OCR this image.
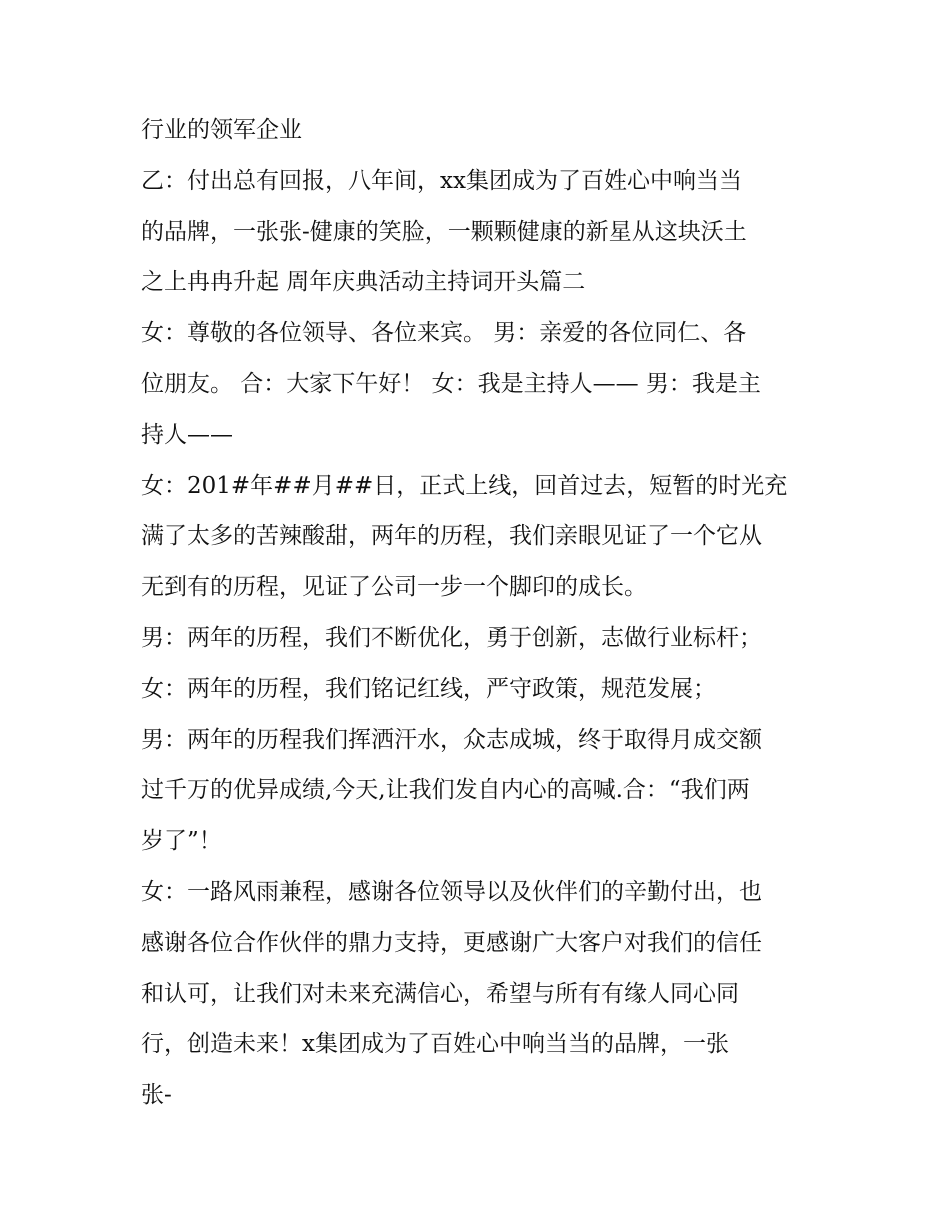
行业的领军企业

乙：付出总有回报，八年间，xx集团成为了百姓心中响当当

的品牌，一张张-健康的笑脸，一颗颗健康的新星从这块沃土

之上冉冉升起 周年庆典活动主持词开头篇二

女：尊敬的各位领导、各位来宾。 男：亲爱的各位同仁、各

位朋友。 合：大家下午好！ 女：我是主持人—— 男：我是主

持人——

女：201#年##月##日，正式上线，回首过去，短暂的时光充

满了太多的苦辣酸甜，两年的历程，我们亲眼见证了一个它从

无到有的历程，见证了公司一步一个脚印的成长。

男：两年的历程，我们不断优化，勇于创新，志做行业标杆；

女：两年的历程，我们铭记红线，严守政策，规范发展；

男：两年的历程我们挥洒汗水，众志成城，终于取得月成交额

过千万的优异成绩,今天,让我们发自内心的高喊.合：“我们两

岁了”！

女：一路风雨兼程，感谢各位领导以及伙伴们的辛勤付出，也

感谢各位合作伙伴的鼎力支持，更感谢广大客户对我们的信任

和认可，让我们对未来充满信心，希望与所有有缘人同心同

行，创造未来！x集团成为了百姓心中响当当的品牌，一张

张-
